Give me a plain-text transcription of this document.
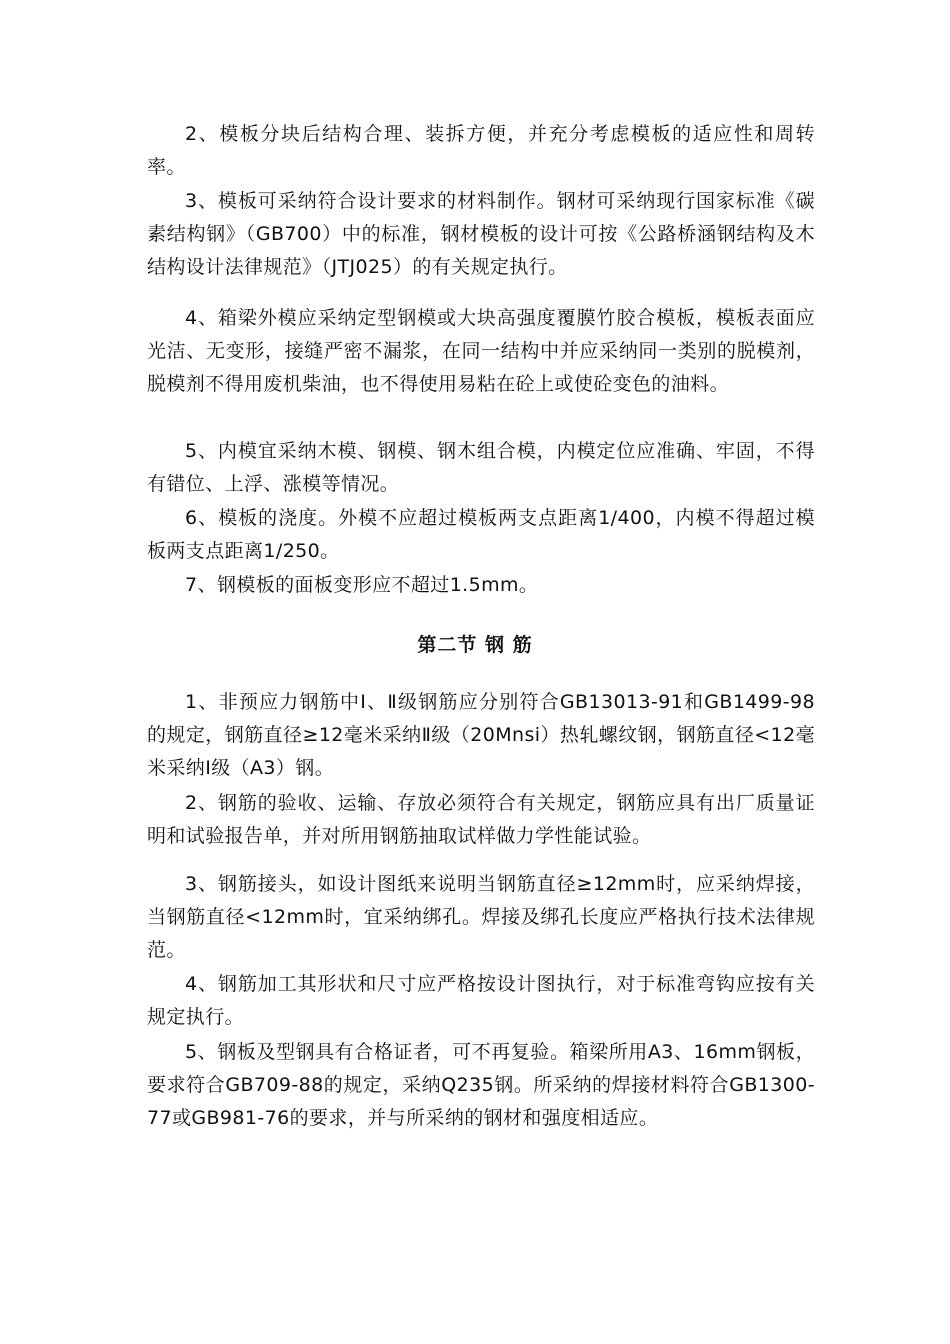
2、模板分块后结构合理、装拆方便，并充分考虑模板的适应性和周转率。

3、模板可采纳符合设计要求的材料制作。钢材可采纳现行国家标准《碳素结构钢》（GB700）中的标准，钢材模板的设计可按《公路桥涵钢结构及木结构设计法律规范》（JTJ025）的有关规定执行。

4、箱梁外模应采纳定型钢模或大块高强度覆膜竹胶合模板，模板表面应光洁、无变形，接缝严密不漏浆，在同一结构中并应采纳同一类别的脱模剂，脱模剂不得用废机柴油，也不得使用易粘在砼上或使砼变色的油料。

5、内模宜采纳木模、钢模、钢木组合模，内模定位应准确、牢固，不得有错位、上浮、涨模等情况。

6、模板的浇度。外模不应超过模板两支点距离1/400，内模不得超过模板两支点距离1/250。

7、钢模板的面板变形应不超过1.5mm。

第二节 钢 筋

1、非预应力钢筋中Ⅰ、Ⅱ级钢筋应分别符合GB13013-91和GB1499-98的规定，钢筋直径≥12毫米采纳Ⅱ级（20Mnsi）热轧螺纹钢，钢筋直径<12毫米采纳Ⅰ级（A3）钢。

2、钢筋的验收、运输、存放必须符合有关规定，钢筋应具有出厂质量证明和试验报告单，并对所用钢筋抽取试样做力学性能试验。

3、钢筋接头，如设计图纸来说明当钢筋直径≥12mm时，应采纳焊接，当钢筋直径<12mm时，宜采纳绑孔。焊接及绑孔长度应严格执行技术法律规范。

4、钢筋加工其形状和尺寸应严格按设计图执行，对于标准弯钩应按有关规定执行。

5、钢板及型钢具有合格证者，可不再复验。箱梁所用A3、16mm钢板，要求符合GB709-88的规定，采纳Q235钢。所采纳的焊接材料符合GB1300-77或GB981-76的要求，并与所采纳的钢材和强度相适应。
